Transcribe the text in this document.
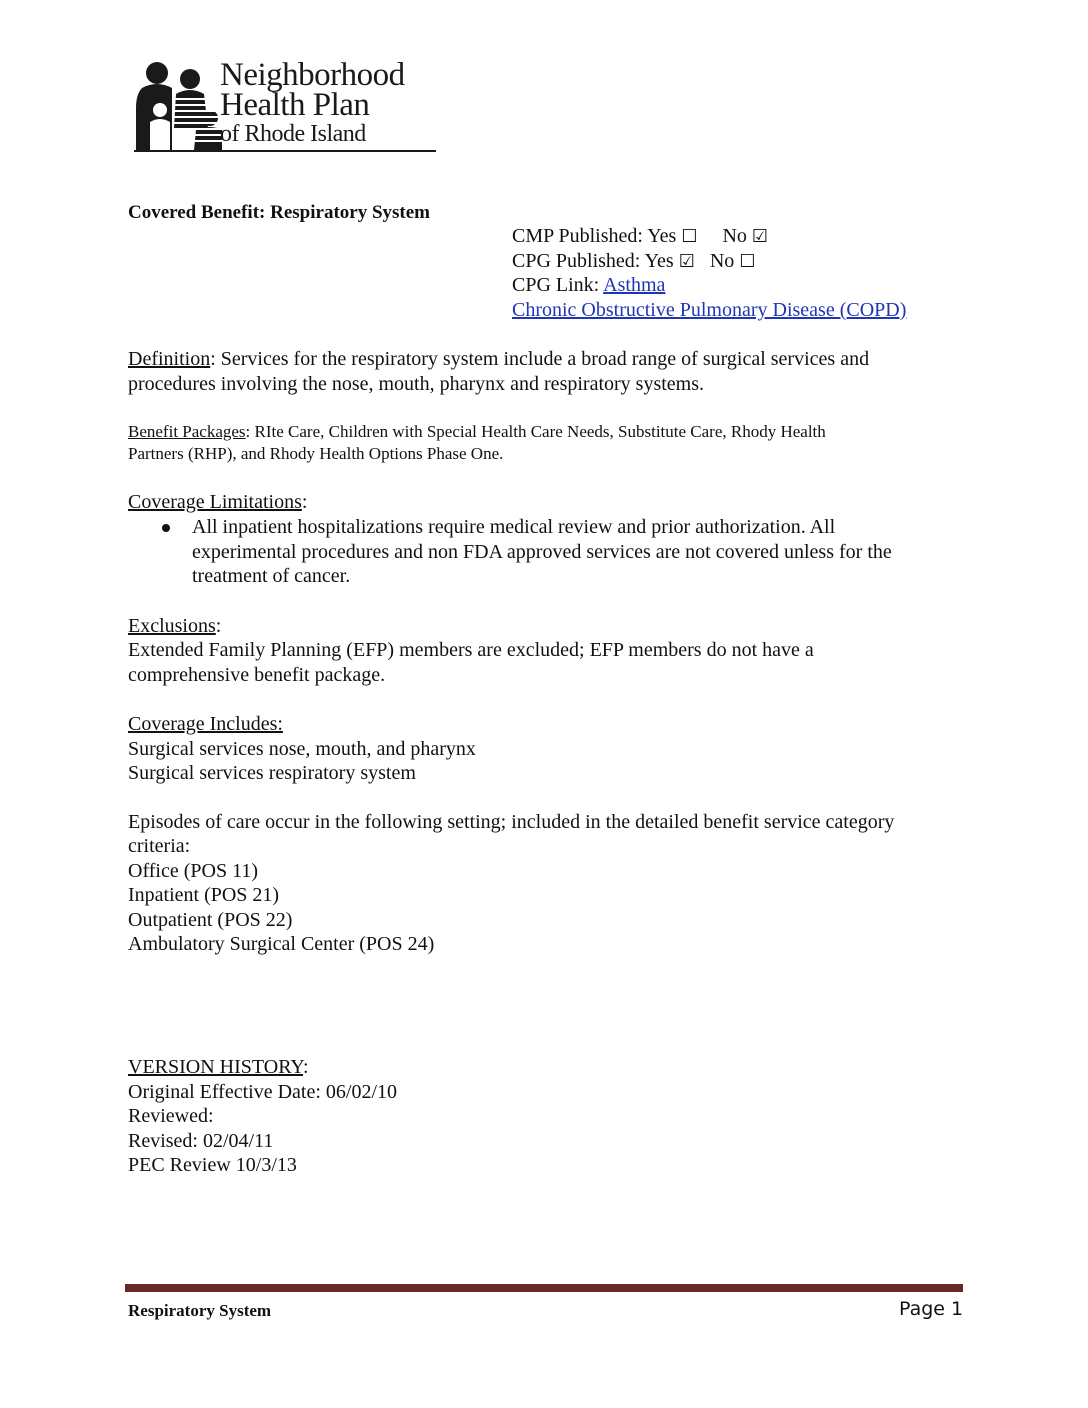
Neighborhood
Health Plan
of Rhode Island
Covered Benefit: Respiratory System
CMP Published: Yes ☐ No ☑
CPG Published: Yes ☑ No ☐
CPG Link: Asthma
Chronic Obstructive Pulmonary Disease (COPD)
Definition: Services for the respiratory system include a broad range of surgical services and
procedures involving the nose, mouth, pharynx and respiratory systems.
Benefit Packages: RIte Care, Children with Special Health Care Needs, Substitute Care, Rhody Health
Partners (RHP), and Rhody Health Options Phase One.
Coverage Limitations:
All inpatient hospitalizations require medical review and prior authorization. All
experimental procedures and non FDA approved services are not covered unless for the
treatment of cancer.
Exclusions:
Extended Family Planning (EFP) members are excluded; EFP members do not have a
comprehensive benefit package.
Coverage Includes:
Surgical services nose, mouth, and pharynx
Surgical services respiratory system
Episodes of care occur in the following setting; included in the detailed benefit service category
criteria:
Office (POS 11)
Inpatient (POS 21)
Outpatient (POS 22)
Ambulatory Surgical Center (POS 24)
VERSION HISTORY:
Original Effective Date: 06/02/10
Reviewed:
Revised: 02/04/11
PEC Review 10/3/13
Respiratory System	Page 1
